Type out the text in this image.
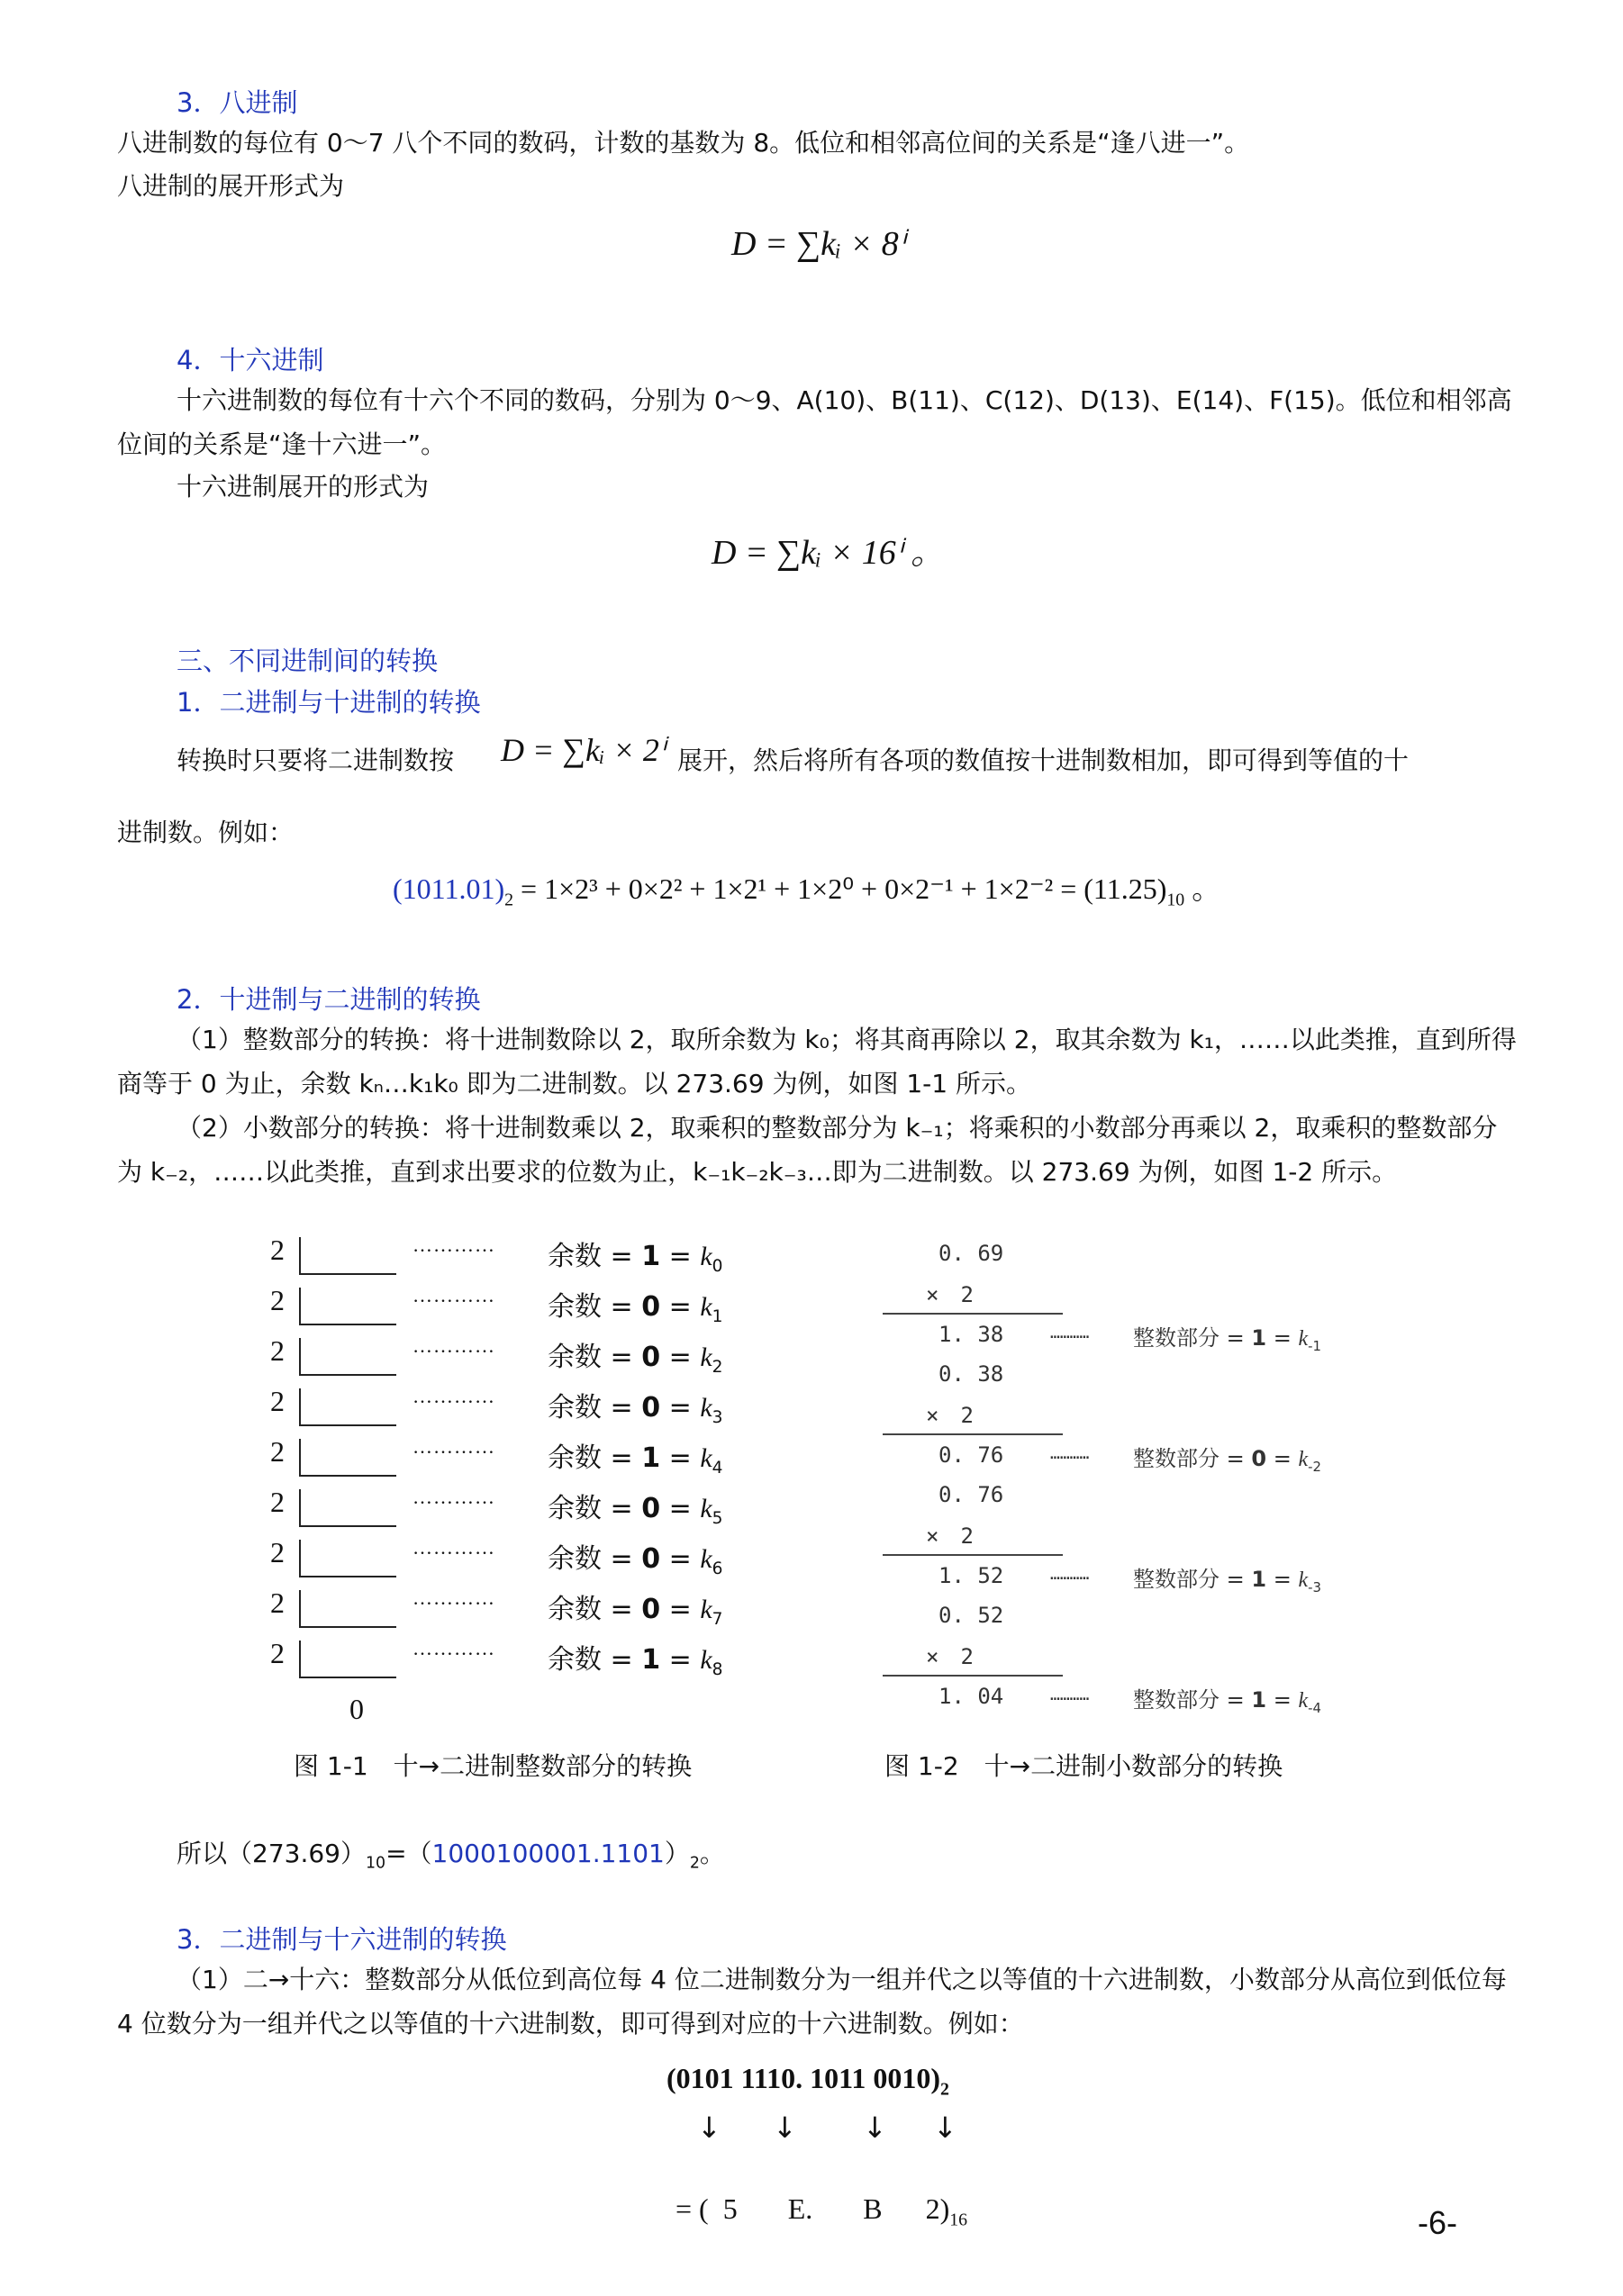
3．八进制
八进制数的每位有 0～7 八个不同的数码，计数的基数为 8。低位和相邻高位间的关系是“逢八进一”。
八进制的展开形式为
D = ∑kᵢ × 8ⁱ
4．十六进制
十六进制数的每位有十六个不同的数码，分别为 0～9、A(10)、B(11)、C(12)、D(13)、E(14)、F(15)。低位和相邻高位间的关系是“逢十六进一”。
十六进制展开的形式为
D = ∑kᵢ × 16ⁱ 。
三、不同进制间的转换
1．二进制与十进制的转换
转换时只要将二进制数按 D = ∑kᵢ × 2ⁱ 展开，然后将所有各项的数值按十进制数相加，即可得到等值的十
进制数。例如：
$(1011.01)_2 = 1\times 2^3 + 0\times 2^2 + 1\times 2^1 + 1\times 2^0 + 0\times 2^{-1} + 1\times 2^{-2} = (11.25)_{10}$ 。
2．十进制与二进制的转换
（1）整数部分的转换：将十进制数除以 2，取所余数为 k₀；将其商再除以 2，取其余数为 k₁，……以此类推，直到所得商等于 0 为止，余数 kₙ…k₁k₀ 即为二进制数。以 273.69 为例，如图 1-1 所示。
（2）小数部分的转换：将十进制数乘以 2，取乘积的整数部分为 k₋₁；将乘积的小数部分再乘以 2，取乘积的整数部分为 k₋₂，……以此类推，直到求出要求的位数为止，k₋₁k₋₂k₋₃…即为二进制数。以 273.69 为例，如图 1-2 所示。
2	………… 余数 = $1 = k_0$
2	………… 余数 = $0 = k_1$
2	………… 余数 = $0 = k_2$
2	………… 余数 = $0 = k_3$
2	………… 余数 = $1 = k_4$
2	………… 余数 = $0 = k_5$
2	………… 余数 = $0 = k_6$
2	………… 余数 = $0 = k_7$
2	………… 余数 = $1 = k_8$
0
图 1-1　十→二进制整数部分的转换
0. 69
×　2
1. 38	………… 整数部分 = $1 = k_{-1}$
0. 38
×　2
0. 76	………… 整数部分 = $0 = k_{-2}$
0. 76
×　2
1. 52	………… 整数部分 = $1 = k_{-3}$
0. 52
×　2
1. 04	………… 整数部分 = $1 = k_{-4}$
图 1-2　十→二进制小数部分的转换
所以$(273.69)_{10}=(1000100001.1101)_2$。
3．二进制与十六进制的转换
（1）二→十六：整数部分从低位到高位每 4 位二进制数分为一组并代之以等值的十六进制数，小数部分从高位到低位每 4 位数分为一组并代之以等值的十六进制数，即可得到对应的十六进制数。例如：
(0101 1110. 1011 $0010)_2$
↓ ↓ ↓ ↓

= (  5       E.       B      $2)_{16}$
	-6-
